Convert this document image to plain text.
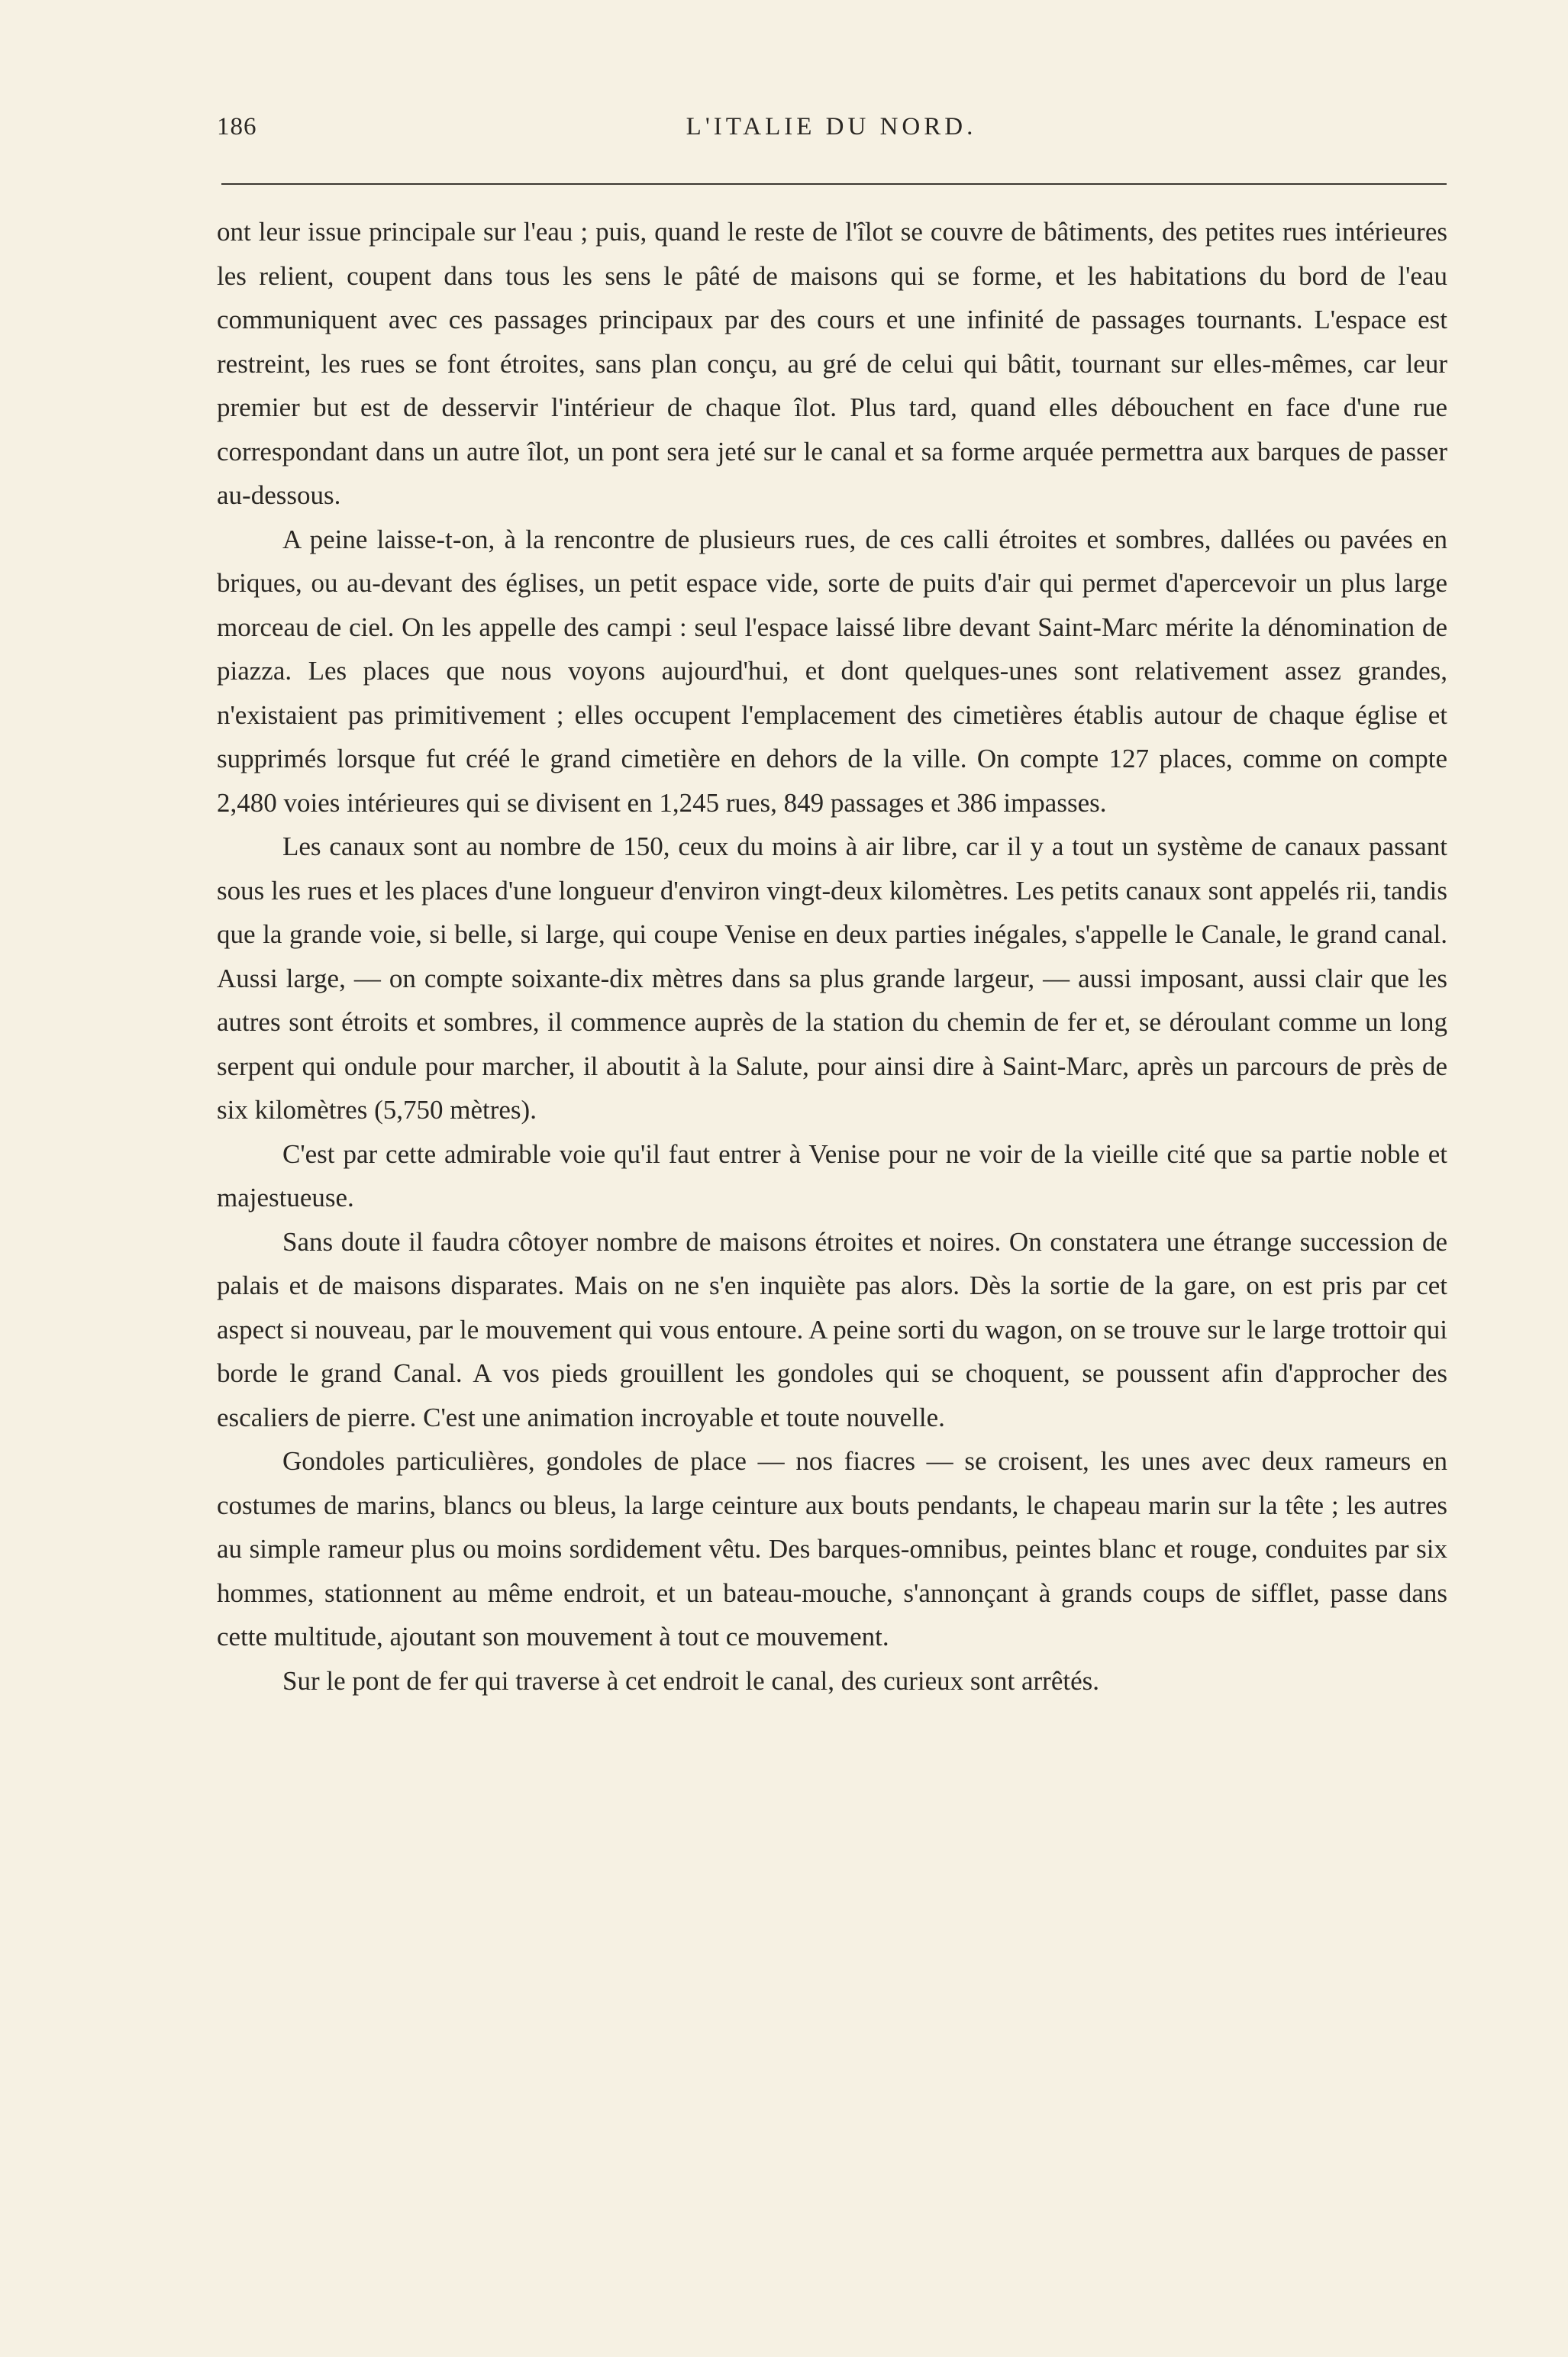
186	L'ITALIE DU NORD.

ont leur issue principale sur l'eau ; puis, quand le reste de l'îlot se couvre de bâtiments, des petites rues intérieures les relient, coupent dans tous les sens le pâté de maisons qui se forme, et les habitations du bord de l'eau communiquent avec ces passages principaux par des cours et une infinité de passages tournants. L'espace est restreint, les rues se font étroites, sans plan conçu, au gré de celui qui bâtit, tournant sur elles-mêmes, car leur premier but est de desservir l'intérieur de chaque îlot. Plus tard, quand elles débouchent en face d'une rue correspondant dans un autre îlot, un pont sera jeté sur le canal et sa forme arquée permettra aux barques de passer au-dessous.

A peine laisse-t-on, à la rencontre de plusieurs rues, de ces calli étroites et sombres, dallées ou pavées en briques, ou au-devant des églises, un petit espace vide, sorte de puits d'air qui permet d'apercevoir un plus large morceau de ciel. On les appelle des campi : seul l'espace laissé libre devant Saint-Marc mérite la dénomination de piazza. Les places que nous voyons aujourd'hui, et dont quelques-unes sont relativement assez grandes, n'existaient pas primitivement ; elles occupent l'emplacement des cimetières établis autour de chaque église et supprimés lorsque fut créé le grand cimetière en dehors de la ville. On compte 127 places, comme on compte 2,480 voies intérieures qui se divisent en 1,245 rues, 849 passages et 386 impasses.

Les canaux sont au nombre de 150, ceux du moins à air libre, car il y a tout un système de canaux passant sous les rues et les places d'une longueur d'environ vingt-deux kilomètres. Les petits canaux sont appelés rii, tandis que la grande voie, si belle, si large, qui coupe Venise en deux parties inégales, s'appelle le Canale, le grand canal. Aussi large, — on compte soixante-dix mètres dans sa plus grande largeur, — aussi imposant, aussi clair que les autres sont étroits et sombres, il commence auprès de la station du chemin de fer et, se déroulant comme un long serpent qui ondule pour marcher, il aboutit à la Salute, pour ainsi dire à Saint-Marc, après un parcours de près de six kilomètres (5,750 mètres).

C'est par cette admirable voie qu'il faut entrer à Venise pour ne voir de la vieille cité que sa partie noble et majestueuse.

Sans doute il faudra côtoyer nombre de maisons étroites et noires. On constatera une étrange succession de palais et de maisons disparates. Mais on ne s'en inquiète pas alors. Dès la sortie de la gare, on est pris par cet aspect si nouveau, par le mouvement qui vous entoure. A peine sorti du wagon, on se trouve sur le large trottoir qui borde le grand Canal. A vos pieds grouillent les gondoles qui se choquent, se poussent afin d'approcher des escaliers de pierre. C'est une animation incroyable et toute nouvelle.

Gondoles particulières, gondoles de place — nos fiacres — se croisent, les unes avec deux rameurs en costumes de marins, blancs ou bleus, la large ceinture aux bouts pendants, le chapeau marin sur la tête ; les autres au simple rameur plus ou moins sordidement vêtu. Des barques-omnibus, peintes blanc et rouge, conduites par six hommes, stationnent au même endroit, et un bateau-mouche, s'annonçant à grands coups de sifflet, passe dans cette multitude, ajoutant son mouvement à tout ce mouvement.

Sur le pont de fer qui traverse à cet endroit le canal, des curieux sont arrêtés.
